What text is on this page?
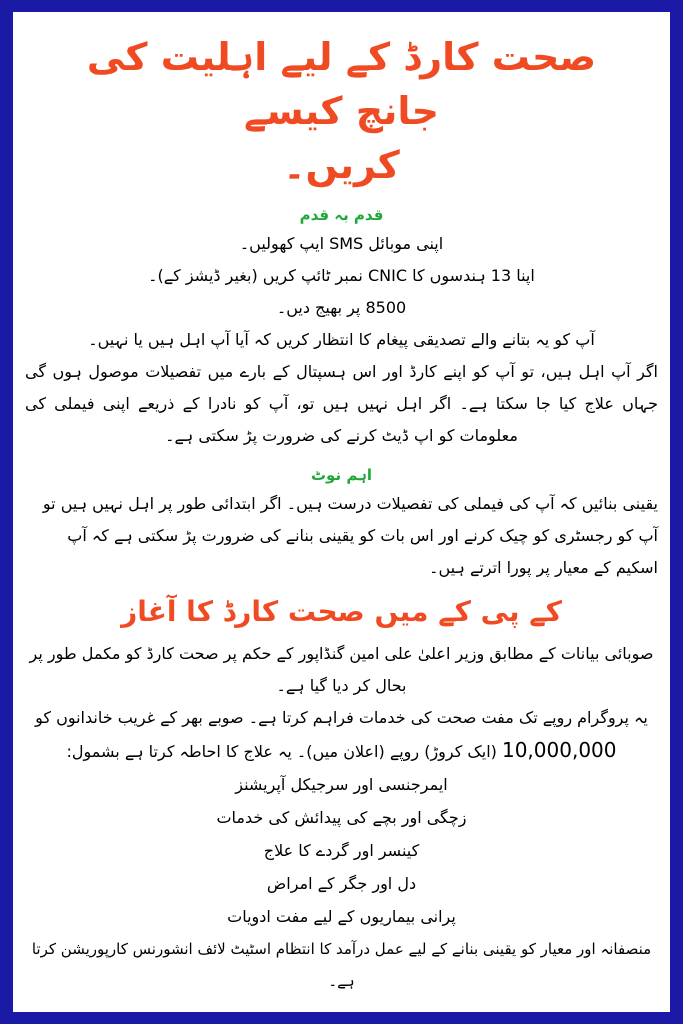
صحت کارڈ کے لیے اہلیت کی جانچ کیسے
کریں۔
قدم بہ قدم

اپنی موبائل SMS ایپ کھولیں۔

اپنا 13 ہندسوں کا CNIC نمبر ٹائپ کریں (بغیر ڈیشز کے)۔

8500 پر بھیج دیں۔

آپ کو یہ بتانے والے تصدیقی پیغام کا انتظار کریں کہ آیا آپ اہل ہیں یا نہیں۔

اگر آپ اہل ہیں، تو آپ کو اپنے کارڈ اور اس ہسپتال کے بارے میں تفصیلات موصول ہوں گی جہاں علاج کیا جا سکتا ہے۔ اگر اہل نہیں ہیں تو، آپ کو نادرا کے ذریعے اپنی فیملی کی معلومات کو اپ ڈیٹ کرنے کی ضرورت پڑ سکتی ہے۔

اہم نوٹ

یقینی بنائیں کہ آپ کی فیملی کی تفصیلات درست ہیں۔ اگر ابتدائی طور پر اہل نہیں ہیں تو آپ کو رجسٹری کو چیک کرنے اور اس بات کو یقینی بنانے کی ضرورت پڑ سکتی ہے کہ آپ اسکیم کے معیار پر پورا اترتے ہیں۔

کے پی کے میں صحت کارڈ کا آغاز

صوبائی بیانات کے مطابق وزیر اعلیٰ علی امین گنڈاپور کے حکم پر صحت کارڈ کو مکمل طور پر بحال کر دیا گیا ہے۔

یہ پروگرام روپے تک مفت صحت کی خدمات فراہم کرتا ہے۔ صوبے بھر کے غریب خاندانوں کو

10,000,000 (ایک کروڑ) روپے (اعلان میں)۔ یہ علاج کا احاطہ کرتا ہے بشمول:

ایمرجنسی اور سرجیکل آپریشنز
زچگی اور بچے کی پیدائش کی خدمات
کینسر اور گردے کا علاج
دل اور جگر کے امراض
پرانی بیماریوں کے لیے مفت ادویات

منصفانہ اور معیار کو یقینی بنانے کے لیے عمل درآمد کا انتظام اسٹیٹ لائف انشورنس کارپوریشن کرتا ہے۔
